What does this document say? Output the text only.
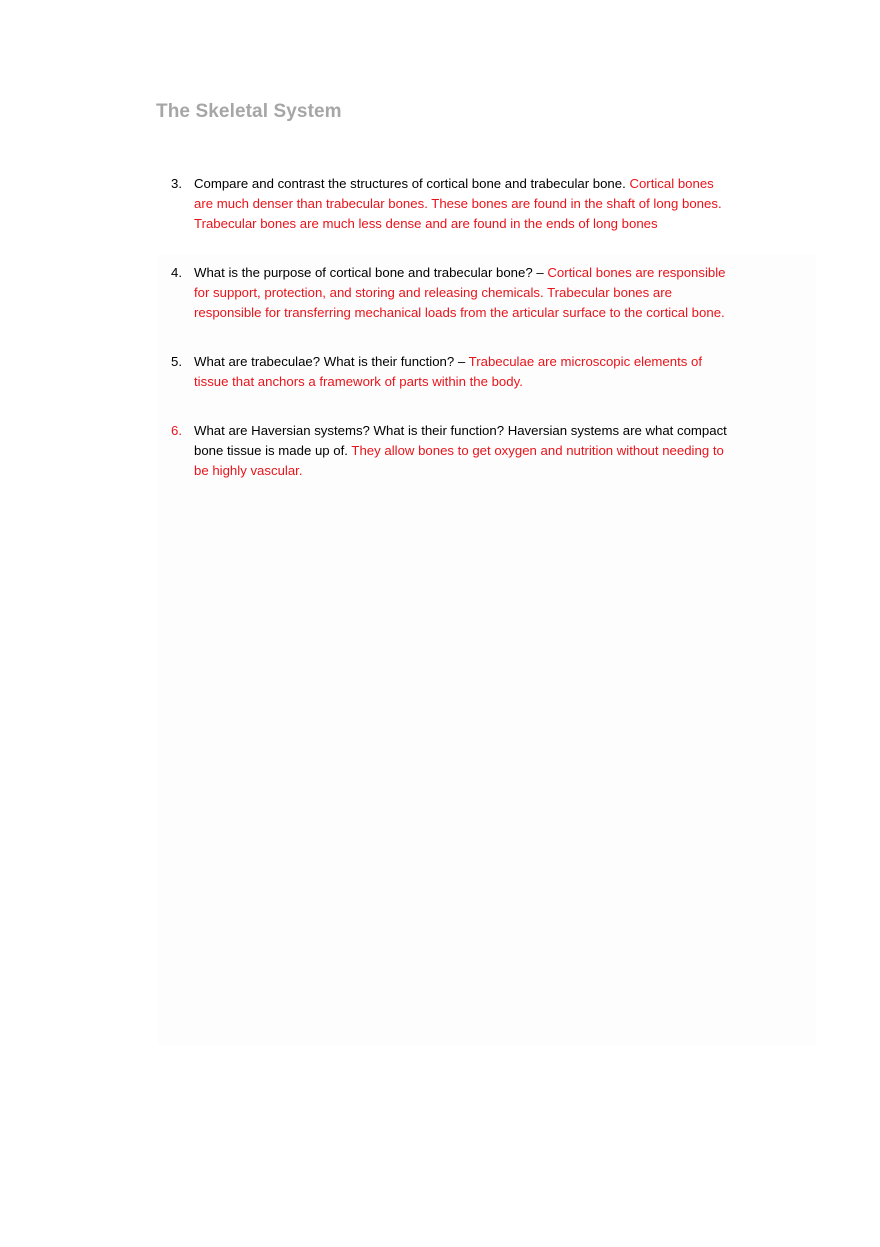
The Skeletal System
3. Compare and contrast the structures of cortical bone and trabecular bone. Cortical bones are much denser than trabecular bones. These bones are found in the shaft of long bones. Trabecular bones are much less dense and are found in the ends of long bones
4. What is the purpose of cortical bone and trabecular bone? – Cortical bones are responsible for support, protection, and storing and releasing chemicals. Trabecular bones are responsible for transferring mechanical loads from the articular surface to the cortical bone.
5. What are trabeculae? What is their function? – Trabeculae are microscopic elements of tissue that anchors a framework of parts within the body.
6. What are Haversian systems? What is their function? Haversian systems are what compact bone tissue is made up of. They allow bones to get oxygen and nutrition without needing to be highly vascular.
